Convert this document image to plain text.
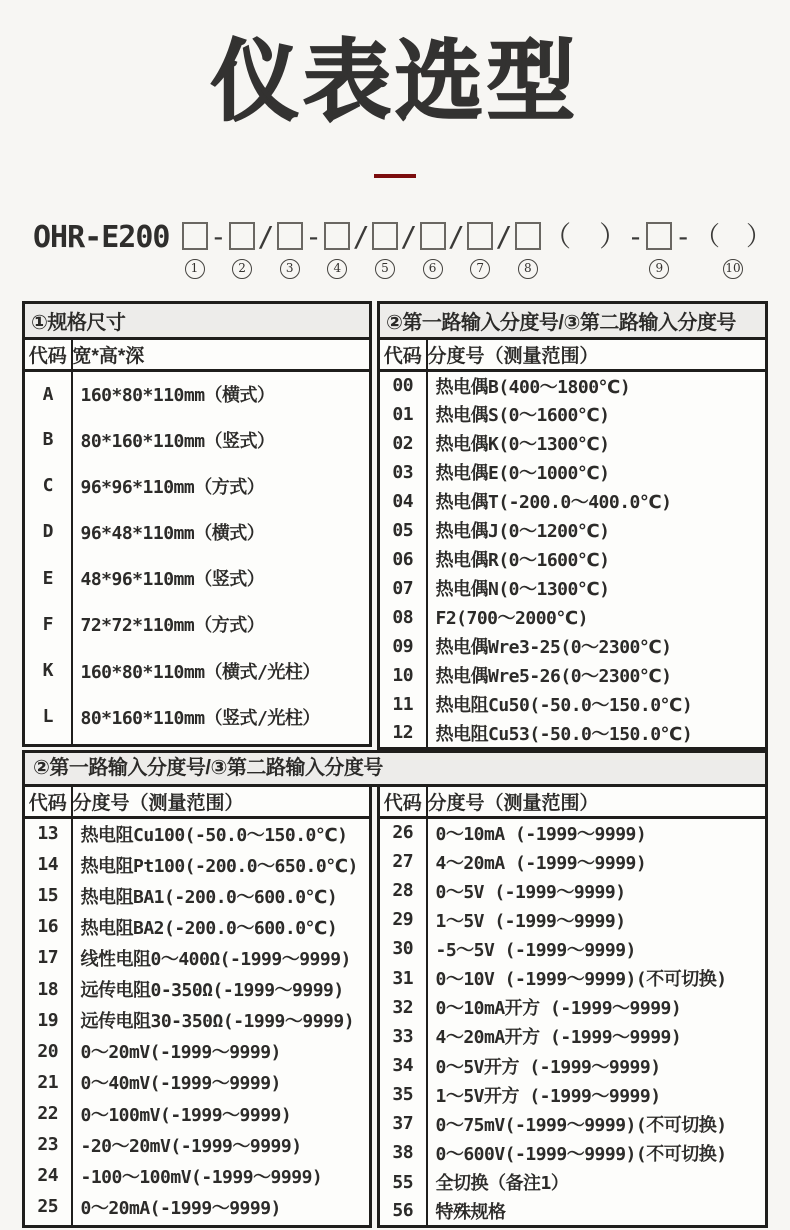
仪表选型
OHR-E200
1
-
2
/
3
-
4
/
5
/
6
/
7
/
8
（　）-
9
- （　）
10
①规格尺寸	
代码	宽*高*深
A	160*80*110mm（横式）
B	80*160*110mm（竖式）
C	96*96*110mm（方式）
D	96*48*110mm（横式）
E	48*96*110mm（竖式）
F	72*72*110mm（方式）
K	160*80*110mm（横式/光柱）
L	80*160*110mm（竖式/光柱）

②第一路输入分度号/③第二路输入分度号	
代码	分度号（测量范围）
00	热电偶B(400～1800℃)
01	热电偶S(0～1600℃)
02	热电偶K(0～1300℃)
03	热电偶E(0～1000℃)
04	热电偶T(-200.0～400.0℃)
05	热电偶J(0～1200℃)
06	热电偶R(0～1600℃)
07	热电偶N(0～1300℃)
08	F2(700～2000℃)
09	热电偶Wre3-25(0～2300℃)
10	热电偶Wre5-26(0～2300℃)
11	热电阻Cu50(-50.0～150.0℃)
12	热电阻Cu53(-50.0～150.0℃)
②第一路输入分度号/③第二路输入分度号
代码	分度号（测量范围）
13	热电阻Cu100(-50.0～150.0℃)
14	热电阻Pt100(-200.0～650.0℃)
15	热电阻BA1(-200.0～600.0℃)
16	热电阻BA2(-200.0～600.0℃)
17	线性电阻0～400Ω(-1999～9999)
18	远传电阻0-350Ω(-1999～9999)
19	远传电阻30-350Ω(-1999～9999)
20	0～20mV(-1999～9999)
21	0～40mV(-1999～9999)
22	0～100mV(-1999～9999)
23	-20～20mV(-1999～9999)
24	-100～100mV(-1999～9999)
25	0～20mA(-1999～9999)

代码	分度号（测量范围）
26	0～10mA (-1999～9999)
27	4～20mA (-1999～9999)
28	0～5V (-1999～9999)
29	1～5V (-1999～9999)
30	-5～5V (-1999～9999)
31	0～10V (-1999～9999)(不可切换)
32	0～10mA开方 (-1999～9999)
33	4～20mA开方 (-1999～9999)
34	0～5V开方 (-1999～9999)
35	1～5V开方 (-1999～9999)
37	0～75mV(-1999～9999)(不可切换)
38	0～600V(-1999～9999)(不可切换)
55	全切换（备注1）
56	特殊规格
